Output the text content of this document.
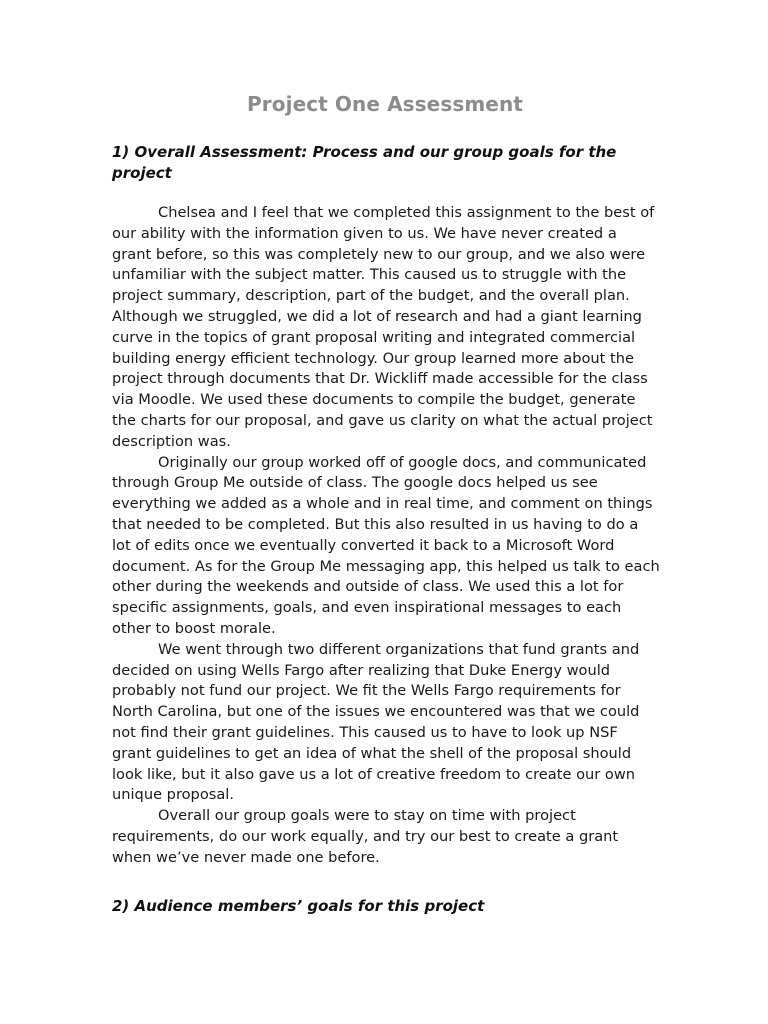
Project One Assessment
1) Overall Assessment: Process and our group goals for the project

Chelsea and I feel that we completed this assignment to the best of our ability with the information given to us. We have never created a grant before, so this was completely new to our group, and we also were unfamiliar with the subject matter. This caused us to struggle with the project summary, description, part of the budget, and the overall plan. Although we struggled, we did a lot of research and had a giant learning curve in the topics of grant proposal writing and integrated commercial building energy efficient technology. Our group learned more about the project through documents that Dr. Wickliff made accessible for the class via Moodle. We used these documents to compile the budget, generate the charts for our proposal, and gave us clarity on what the actual project description was.

Originally our group worked off of google docs, and communicated through Group Me outside of class. The google docs helped us see everything we added as a whole and in real time, and comment on things that needed to be completed. But this also resulted in us having to do a lot of edits once we eventually converted it back to a Microsoft Word document. As for the Group Me messaging app, this helped us talk to each other during the weekends and outside of class. We used this a lot for specific assignments, goals, and even inspirational messages to each other to boost morale.

We went through two different organizations that fund grants and decided on using Wells Fargo after realizing that Duke Energy would probably not fund our project. We fit the Wells Fargo requirements for North Carolina, but one of the issues we encountered was that we could not find their grant guidelines. This caused us to have to look up NSF grant guidelines to get an idea of what the shell of the proposal should look like, but it also gave us a lot of creative freedom to create our own unique proposal.

Overall our group goals were to stay on time with project requirements, do our work equally, and try our best to create a grant when we’ve never made one before.

2) Audience members’ goals for this project
